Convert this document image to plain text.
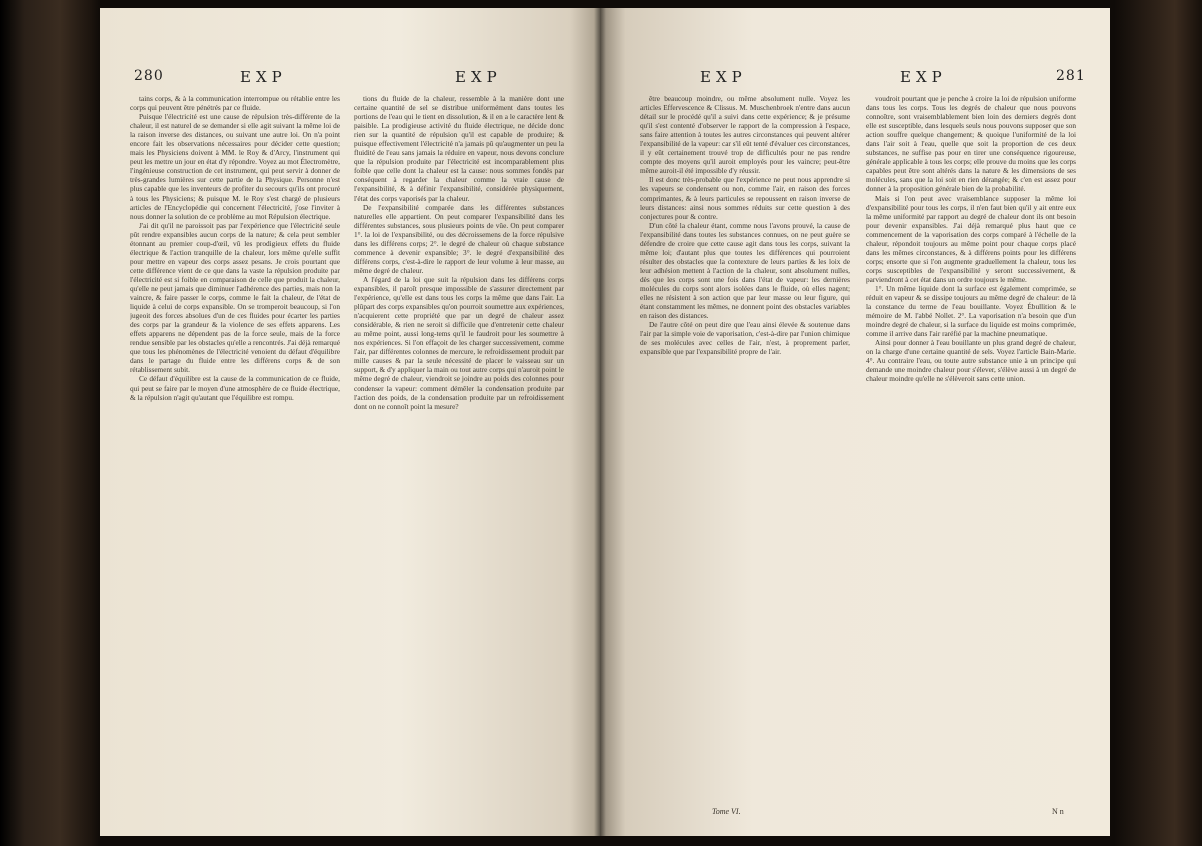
280	EXP	EXP

tains corps, & à la communication interrompue ou rétablie entre les corps qui peuvent être pénétrés par ce fluide.

Puisque l'électricité est une cause de répulsion très-différente de la chaleur, il est naturel de se demander si elle agit suivant la même loi de la raison inverse des distances, ou suivant une autre loi. On n'a point encore fait les observations nécessaires pour décider cette question; mais les Physiciens doivent à MM. le Roy & d'Arcy, l'instrument qui peut les mettre un jour en état d'y répondre. Voyez au mot Électromètre, l'ingénieuse construction de cet instrument, qui peut servir à donner de très-grandes lumières sur cette partie de la Physique. Personne n'est plus capable que les inventeurs de profiter du secours qu'ils ont procuré à tous les Physiciens; & puisque M. le Roy s'est chargé de plusieurs articles de l'Encyclopédie qui concernent l'électricité, j'ose l'inviter à nous donner la solution de ce problème au mot Répulsion électrique.

J'ai dit qu'il ne paroissoit pas par l'expérience que l'électricité seule pût rendre expansibles aucun corps de la nature; & cela peut sembler étonnant au premier coup-d'œil, vû les prodigieux effets du fluide électrique & l'action tranquille de la chaleur, lors même qu'elle suffit pour mettre en vapeur des corps assez pesans. Je crois pourtant que cette différence vient de ce que dans la vaste la répulsion produite par l'électricité est si foible en comparaison de celle que produit la chaleur, qu'elle ne peut jamais que diminuer l'adhérence des parties, mais non la vaincre, & faire passer le corps, comme le fait la chaleur, de l'état de liquide à celui de corps expansible. On se tromperoit beaucoup, si l'on jugeoit des forces absolues d'un de ces fluides pour écarter les parties des corps par la grandeur & la violence de ses effets apparens. Les effets apparens ne dépendent pas de la force seule, mais de la force rendue sensible par les obstacles qu'elle a rencontrés. J'ai déjà remarqué que tous les phénomènes de l'électricité venoient du défaut d'équilibre dans le partage du fluide entre les différens corps & de son rétablissement subit.

Ce défaut d'équilibre est la cause de la communication de ce fluide, qui peut se faire par le moyen d'une atmosphère de ce fluide électrique, & la répulsion n'agit qu'autant que l'équilibre est rompu.

tions du fluide de la chaleur, ressemble à la manière dont une certaine quantité de sel se distribue uniformément dans toutes les portions de l'eau qui le tient en dissolution, & il en a le caractère lent & paisible. La prodigieuse activité du fluide électrique, ne décide donc rien sur la quantité de répulsion qu'il est capable de produire; & puisque effectivement l'électricité n'a jamais pû qu'augmenter un peu la fluidité de l'eau sans jamais la réduire en vapeur, nous devons conclure que la répulsion produite par l'électricité est incomparablement plus foible que celle dont la chaleur est la cause: nous sommes fondés par conséquent à regarder la chaleur comme la vraie cause de l'expansibilité, & à définir l'expansibilité, considérée physiquement, l'état des corps vaporisés par la chaleur.

De l'expansibilité comparée dans les différentes substances naturelles elle appartient. On peut comparer l'expansibilité dans les différentes substances, sous plusieurs points de vûe. On peut comparer 1°. la loi de l'expansibilité, ou des décroissemens de la force répulsive dans les différens corps; 2°. le degré de chaleur où chaque substance commence à devenir expansible; 3°. le degré d'expansibilité des différens corps, c'est-à-dire le rapport de leur volume à leur masse, au même degré de chaleur.

A l'égard de la loi que suit la répulsion dans les différens corps expansibles, il paroît presque impossible de s'assurer directement par l'expérience, qu'elle est dans tous les corps la même que dans l'air. La plûpart des corps expansibles qu'on pourroit soumettre aux expériences, n'acquierent cette propriété que par un degré de chaleur assez considérable, & rien ne seroit si difficile que d'entretenir cette chaleur au même point, aussi long-tems qu'il le faudroit pour les soumettre à nos expériences. Si l'on effaçoit de les charger successivement, comme l'air, par différentes colonnes de mercure, le refroidissement produit par mille causes & par la seule nécessité de placer le vaisseau sur un support, & d'y appliquer la main ou tout autre corps qui n'auroit point le même degré de chaleur, viendroit se joindre au poids des colonnes pour condenser la vapeur: comment démêler la condensation produite par l'action des poids, de la condensation produite par un refroidissement dont on ne connoît point la mesure?

EXP	EXP	281

être beaucoup moindre, ou même absolument nulle. Voyez les articles Effervescence & Clissus. M. Muschenbroek n'entre dans aucun détail sur le procédé qu'il a suivi dans cette expérience; & je présume qu'il s'est contenté d'observer le rapport de la compression à l'espace, sans faire attention à toutes les autres circonstances qui peuvent altérer l'expansibilité de la vapeur: car s'il eût tenté d'évaluer ces circonstances, il y eût certainement trouvé trop de difficultés pour ne pas rendre compte des moyens qu'il auroit employés pour les vaincre; peut-être même auroit-il été impossible d'y réussir.

Il est donc très-probable que l'expérience ne peut nous apprendre si les vapeurs se condensent ou non, comme l'air, en raison des forces comprimantes, & à leurs particules se repoussent en raison inverse de leurs distances: ainsi nous sommes réduits sur cette question à des conjectures pour & contre.

D'un côté la chaleur étant, comme nous l'avons prouvé, la cause de l'expansibilité dans toutes les substances connues, on ne peut guère se défendre de croire que cette cause agit dans tous les corps, suivant la même loi; d'autant plus que toutes les différences qui pourroient résulter des obstacles que la contexture de leurs parties & les loix de leur adhésion mettent à l'action de la chaleur, sont absolument nulles, dès que les corps sont une fois dans l'état de vapeur: les dernières molécules du corps sont alors isolées dans le fluide, où elles nagent; elles ne résistent à son action que par leur masse ou leur figure, qui étant constamment les mêmes, ne donnent point des obstacles variables en raison des distances.

De l'autre côté on peut dire que l'eau ainsi élevée & soutenue dans l'air par la simple voie de vaporisation, c'est-à-dire par l'union chimique de ses molécules avec celles de l'air, n'est, à proprement parler, expansible que par l'expansibilité propre de l'air.

voudroit pourtant que je penche à croire la loi de répulsion uniforme dans tous les corps. Tous les degrés de chaleur que nous pouvons connoître, sont vraisemblablement bien loin des derniers degrés dont elle est susceptible, dans lesquels seuls nous pouvons supposer que son action souffre quelque changement; & quoique l'uniformité de la loi dans l'air soit à l'eau, quelle que soit la proportion de ces deux substances, ne suffise pas pour en tirer une conséquence rigoureuse, générale applicable à tous les corps; elle prouve du moins que les corps capables peut être sont altérés dans la nature & les dimensions de ses molécules, sans que la loi soit en rien dérangée; & c'en est assez pour donner à la proposition générale bien de la probabilité.

Mais si l'on peut avec vraisemblance supposer la même loi d'expansibilité pour tous les corps, il n'en faut bien qu'il y ait entre eux la même uniformité par rapport au degré de chaleur dont ils ont besoin pour devenir expansibles. J'ai déjà remarqué plus haut que ce commencement de la vaporisation des corps comparé à l'échelle de la chaleur, répondoit toujours au même point pour chaque corps placé dans les mêmes circonstances, & à différens points pour les différens corps; ensorte que si l'on augmente graduellement la chaleur, tous les corps susceptibles de l'expansibilité y seront successivement, & parviendront à cet état dans un ordre toujours le même.

1°. Un même liquide dont la surface est également comprimée, se réduit en vapeur & se dissipe toujours au même degré de chaleur: de là la constance du terme de l'eau bouillante. Voyez Ébullition & le mémoire de M. l'abbé Nollet. 2°. La vaporisation n'a besoin que d'un moindre degré de chaleur, si la surface du liquide est moins comprimée, comme il arrive dans l'air raréfié par la machine pneumatique.

Ainsi pour donner à l'eau bouillante un plus grand degré de chaleur, on la charge d'une certaine quantité de sels. Voyez l'article Bain-Marie. 4°. Au contraire l'eau, ou toute autre substance unie à un principe qui demande une moindre chaleur pour s'élever, s'élève aussi à un degré de chaleur moindre qu'elle ne s'élèveroit sans cette union.

Tome VI.	N n
